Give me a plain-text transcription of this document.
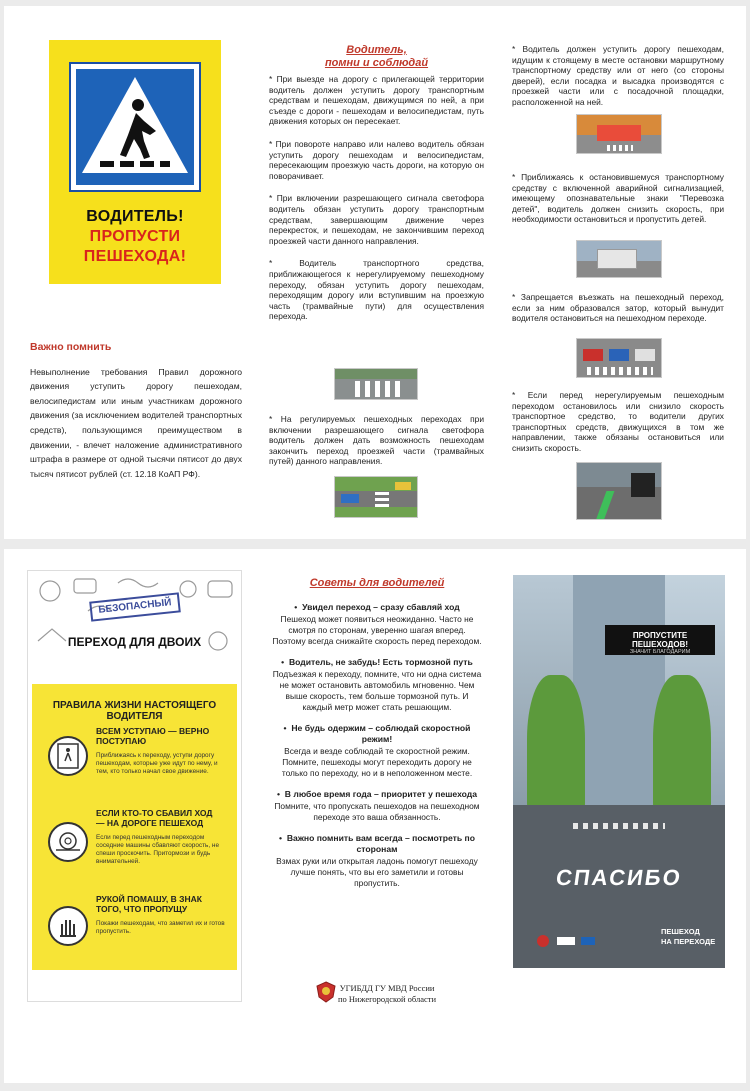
ВОДИТЕЛЬ!
ПРОПУСТИ
ПЕШЕХОДА!
Важно помнить

Невыполнение требования Правил дорожного движения уступить дорогу пешеходам, велосипедистам или иным участникам дорожного движения (за исключением водителей транспортных средств), пользующимся преимуществом в движении, - влечет наложение административного штрафа в размере от одной тысячи пятисот до двух тысяч пятисот рублей (ст. 12.18 КоАП РФ).

Водитель,
помни и соблюдай

* При выезде на дорогу с прилегающей территории водитель должен уступить дорогу транспортным средствам и пешеходам, движущимся по ней, а при съезде с дороги - пешеходам и велосипедистам, путь движения которых он пересекает.

* При повороте направо или налево водитель обязан уступить дорогу пешеходам и велосипедистам, пересекающим проезжую часть дороги, на которую он поворачивает.

* При включении разрешающего сигнала светофора водитель обязан уступить дорогу транспортным средствам, завершающим движение через перекресток, и пешеходам, не закончившим переход проезжей части данного направления.

* Водитель транспортного средства, приближающегося к нерегулируемому пешеходному переходу, обязан уступить дорогу пешеходам, переходящим дорогу или вступившим на проезжую часть (трамвайные пути) для осуществления перехода.

* На регулируемых пешеходных переходах при включении разрешающего сигнала светофора водитель должен дать возможность пешеходам закончить переход проезжей части (трамвайных путей) данного направления.

* Водитель должен уступить дорогу пешеходам, идущим к стоящему в месте остановки маршрутному транспортному средству или от него (со стороны дверей), если посадка и высадка производятся с проезжей части или с посадочной площадки, расположенной на ней.

* Приближаясь к остановившемуся транспортному средству с включенной аварийной сигнализацией, имеющему опознавательные знаки "Перевозка детей", водитель должен снизить скорость, при необходимости остановиться и пропустить детей.

* Запрещается въезжать на пешеходный переход, если за ним образовался затор, который вынудит водителя остановиться на пешеходном переходе.

* Если перед нерегулируемым пешеходным переходом остановилось или снизило скорость транспортное средство, то водители других транспортных средств, движущихся в том же направлении, также обязаны остановиться или снизить скорость.

БЕЗОПАСНЫЙ
ПЕРЕХОД ДЛЯ ДВОИХ
ПРАВИЛА ЖИЗНИ НАСТОЯЩЕГО ВОДИТЕЛЯ
ВСЕМ УСТУПАЮ — ВЕРНО ПОСТУПАЮ
Приближаясь к переходу, уступи дорогу пешеходам, которые уже идут по нему, и тем, кто только начал свое движение.
ЕСЛИ КТО-ТО СБАВИЛ ХОД — НА ДОРОГЕ ПЕШЕХОД
Если перед пешеходным переходом соседние машины сбавляют скорость, не спеши проскочить. Притормози и будь внимательней.
РУКОЙ ПОМАШУ, В ЗНАК ТОГО, ЧТО ПРОПУЩУ
Покажи пешеходам, что заметил их и готов пропустить.
Советы для водителей
•  Увидел переход – сразу сбавляй ход
Пешеход может появиться неожиданно. Часто не смотря по сторонам, уверенно шагая вперед. Поэтому всегда снижайте скорость перед переходом.
•  Водитель, не забудь! Есть тормозной путь
Подъезжая к переходу, помните, что ни одна система не может остановить автомобиль мгновенно. Чем выше скорость, тем больше тормозной путь. И каждый метр может стать решающим.
•  Не будь одержим – соблюдай скоростной режим!
Всегда и везде соблюдай те скоростной режим. Помните, пешеходы могут переходить дорогу не только по переходу, но и в неположенном месте.
•  В любое время года – приоритет у пешехода
Помните, что пропускать пешеходов на пешеходном переходе это ваша обязанность.
•  Важно помнить вам всегда – посмотреть по сторонам
Взмах руки или открытая ладонь помогут пешеходу лучше понять, что вы его заметили и готовы пропустить.
УГИБДД ГУ МВД России
по Нижегородской области
ПРОПУСТИТЕ ПЕШЕХОДОВ!
ЗНАЧИТ БЛАГОДАРИМ
СПАСИБО
ПЕШЕХОД
НА ПЕРЕХОДЕ
